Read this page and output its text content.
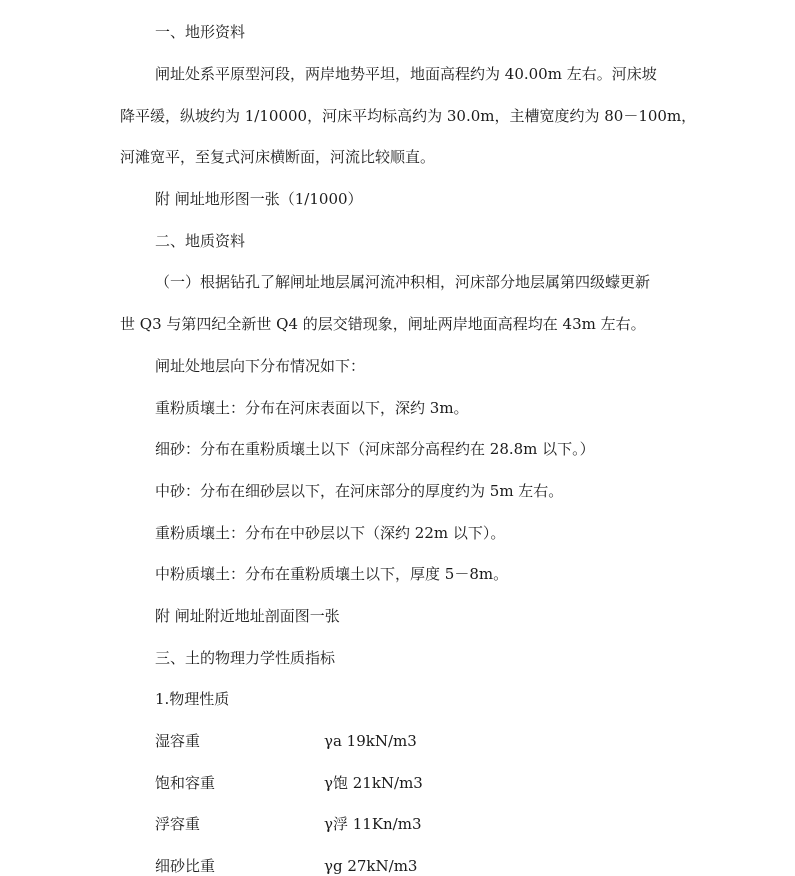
一、地形资料
闸址处系平原型河段，两岸地势平坦，地面高程约为 40.00m 左右。河床坡
降平缓，纵坡约为 1/10000，河床平均标高约为 30.0m，主槽宽度约为 80－100m，
河滩宽平，至复式河床横断面，河流比较顺直。
附 闸址地形图一张（1/1000）
二、地质资料
（一）根据钻孔了解闸址地层属河流冲积相，河床部分地层属第四级蠓更新
世 Q3 与第四纪全新世 Q4 的层交错现象，闸址两岸地面高程均在 43m 左右。
闸址处地层向下分布情况如下：
重粉质壤土：分布在河床表面以下，深约 3m。
细砂：分布在重粉质壤土以下（河床部分高程约在 28.8m 以下。）
中砂：分布在细砂层以下，在河床部分的厚度约为 5m 左右。
重粉质壤土：分布在中砂层以下（深约 22m 以下）。
中粉质壤土：分布在重粉质壤土以下，厚度 5－8m。
附 闸址附近地址剖面图一张
三、土的物理力学性质指标
1.物理性质
湿容重	γa 19kN/m3
饱和容重	γ饱 21kN/m3
浮容重	γ浮 11Kn/m3
细砂比重	γg 27kN/m3
